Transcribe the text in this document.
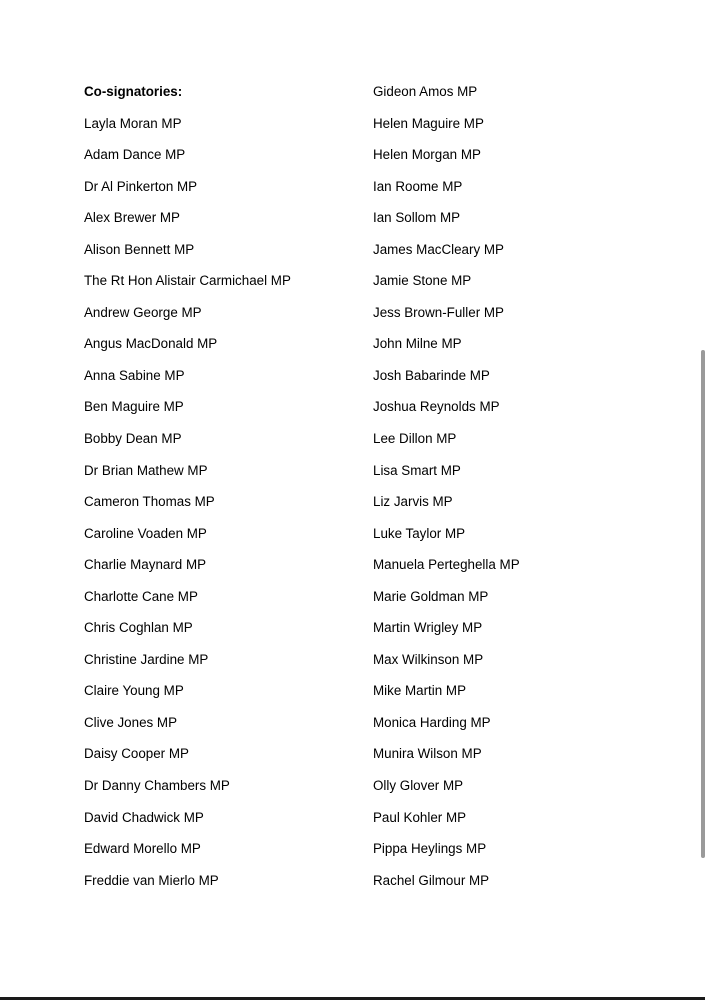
Co-signatories:
Layla Moran MP
Adam Dance MP
Dr Al Pinkerton MP
Alex Brewer MP
Alison Bennett MP
The Rt Hon Alistair Carmichael MP
Andrew George MP
Angus MacDonald MP
Anna Sabine MP
Ben Maguire MP
Bobby Dean MP
Dr Brian Mathew MP
Cameron Thomas MP
Caroline Voaden MP
Charlie Maynard MP
Charlotte Cane MP
Chris Coghlan MP
Christine Jardine MP
Claire Young MP
Clive Jones MP
Daisy Cooper MP
Dr Danny Chambers MP
David Chadwick MP
Edward Morello MP
Freddie van Mierlo MP
Gideon Amos MP
Helen Maguire MP
Helen Morgan MP
Ian Roome MP
Ian Sollom MP
James MacCleary MP
Jamie Stone MP
Jess Brown-Fuller MP
John Milne MP
Josh Babarinde MP
Joshua Reynolds MP
Lee Dillon MP
Lisa Smart MP
Liz Jarvis MP
Luke Taylor MP
Manuela Perteghella MP
Marie Goldman MP
Martin Wrigley MP
Max Wilkinson MP
Mike Martin MP
Monica Harding MP
Munira Wilson MP
Olly Glover MP
Paul Kohler MP
Pippa Heylings MP
Rachel Gilmour MP
